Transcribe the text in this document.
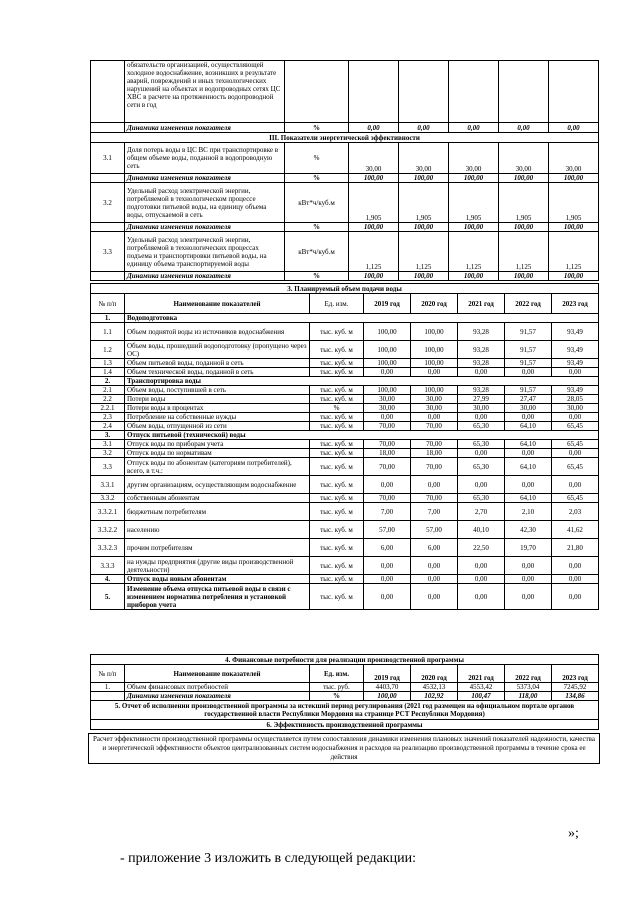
	обязательств организацией, осуществляющей холодное водоснабжение, возникших в результате аварий, повреждений и иных технологических нарушений на объектах и водопроводных сетях ЦС ХВС в расчете на протяженность водопроводной сети в год						
	Динамика изменения показателя	%	0,00	0,00	0,00	0,00	0,00
III. Показатели энергетической эффективности							
3.1	Доля потерь воды в ЦС ВС при транспортировке в общем объеме воды, поданной в водопроводную сеть	%	30,00	30,00	30,00	30,00	30,00
	Динамика изменения показателя	%	100,00	100,00	100,00	100,00	100,00
3.2	Удельный расход электрической энергии, потребляемой в технологическом процессе подготовки питьевой воды, на единицу объема воды, отпускаемой в сеть	кВт*ч/куб.м	1,905	1,905	1,905	1,905	1,905
	Динамика изменения показателя	%	100,00	100,00	100,00	100,00	100,00
3.3	Удельный расход электрической энергии, потребляемой в технологических процессах подъема и транспортировки питьевой воды, на единицу объема транспортируемой воды	кВт*ч/куб.м	1,125	1,125	1,125	1,125	1,125
	Динамика изменения показателя	%	100,00	100,00	100,00	100,00	100,00
3. Планируемый объем подачи воды							
№ п/п	Наименование показателей	Ед. изм.	2019 год	2020 год	2021 год	2022 год	2023 год
1.	Водоподготовка						
1.1	Объем поднятой воды из источников водоснабжения	тыс. куб. м	100,00	100,00	93,28	91,57	93,49
1.2	Объем воды, прошедший водоподготовку (пропущено через ОС)	тыс. куб. м	100,00	100,00	93,28	91,57	93,49
1.3	Объем питьевой воды, поданной в сеть	тыс. куб. м	100,00	100,00	93,28	91,57	93,49
1.4	Объем технической воды, поданной в сеть	тыс. куб. м	0,00	0,00	0,00	0,00	0,00
2.	Транспортировка воды						
2.1	Объем воды, поступившей в сеть	тыс. куб. м	100,00	100,00	93,28	91,57	93,49
2.2	Потери воды	тыс. куб. м	30,00	30,00	27,99	27,47	28,05
2.2.1	Потери воды в процентах	%	30,00	30,00	30,00	30,00	30,00
2.3	Потребление на собственные нужды	тыс. куб. м	0,00	0,00	0,00	0,00	0,00
2.4	Объем воды, отпущенной из сети	тыс. куб. м	70,00	70,00	65,30	64,10	65,45
3.	Отпуск питьевой (технической) воды						
3.1	Отпуск воды по приборам учета	тыс. куб. м	70,00	70,00	65,30	64,10	65,45
3.2	Отпуск воды по нормативам	тыс. куб. м	18,00	18,00	0,00	0,00	0,00
3.3	Отпуск воды по абонентам (категориям потребителей), всего, в т.ч.:	тыс. куб. м	70,00	70,00	65,30	64,10	65,45
3.3.1	другим организациям, осуществляющим водоснабжение	тыс. куб. м	0,00	0,00	0,00	0,00	0,00
3.3.2	собственным абонентам	тыс. куб. м	70,00	70,00	65,30	64,10	65,45
3.3.2.1	бюджетным потребителям	тыс. куб. м	7,00	7,00	2,70	2,10	2,03
3.3.2.2	населению	тыс. куб. м	57,00	57,00	40,10	42,30	41,62
3.3.2.3	прочим потребителям	тыс. куб. м	6,00	6,00	22,50	19,70	21,80
3.3.3	на нужды предприятия (другие виды производственной деятельности)	тыс. куб. м	0,00	0,00	0,00	0,00	0,00
4.	Отпуск воды новым абонентам	тыс. куб. м	0,00	0,00	0,00	0,00	0,00
5.	Изменение объема отпуска питьевой воды в связи с изменением норматива потребления и установкой приборов учета	тыс. куб. м	0,00	0,00	0,00	0,00	0,00
4. Финансовые потребности для реализации производственной программы							
№ п/п	Наименование показателей	Ед. изм.	2019 год	2020 год	2021 год	2022 год	2023 год
1.	Объем финансовых потребностей	тыс. руб.	4403,70	4532,13	4553,42	5373,04	7245,92
	Динамика изменения показателя	%	100,00	102,92	100,47	118,00	134,86
5. Отчет об исполнении производственной программы за истекший период регулирования (2021 год размещен на официальном портале органов государственной власти Республики Мордовия на странице РСТ Республики Мордовия)							
6. Эффективность производственной программы							
Расчет эффективности производственной программы осуществляется путем сопоставления динамики изменения плановых значений показателей надежности, качества и энергетической эффективности объектов централизованных систем водоснабжения и расходов на реализацию производственной программы в течение срока ее действия
»;
- приложение 3 изложить в следующей редакции:
